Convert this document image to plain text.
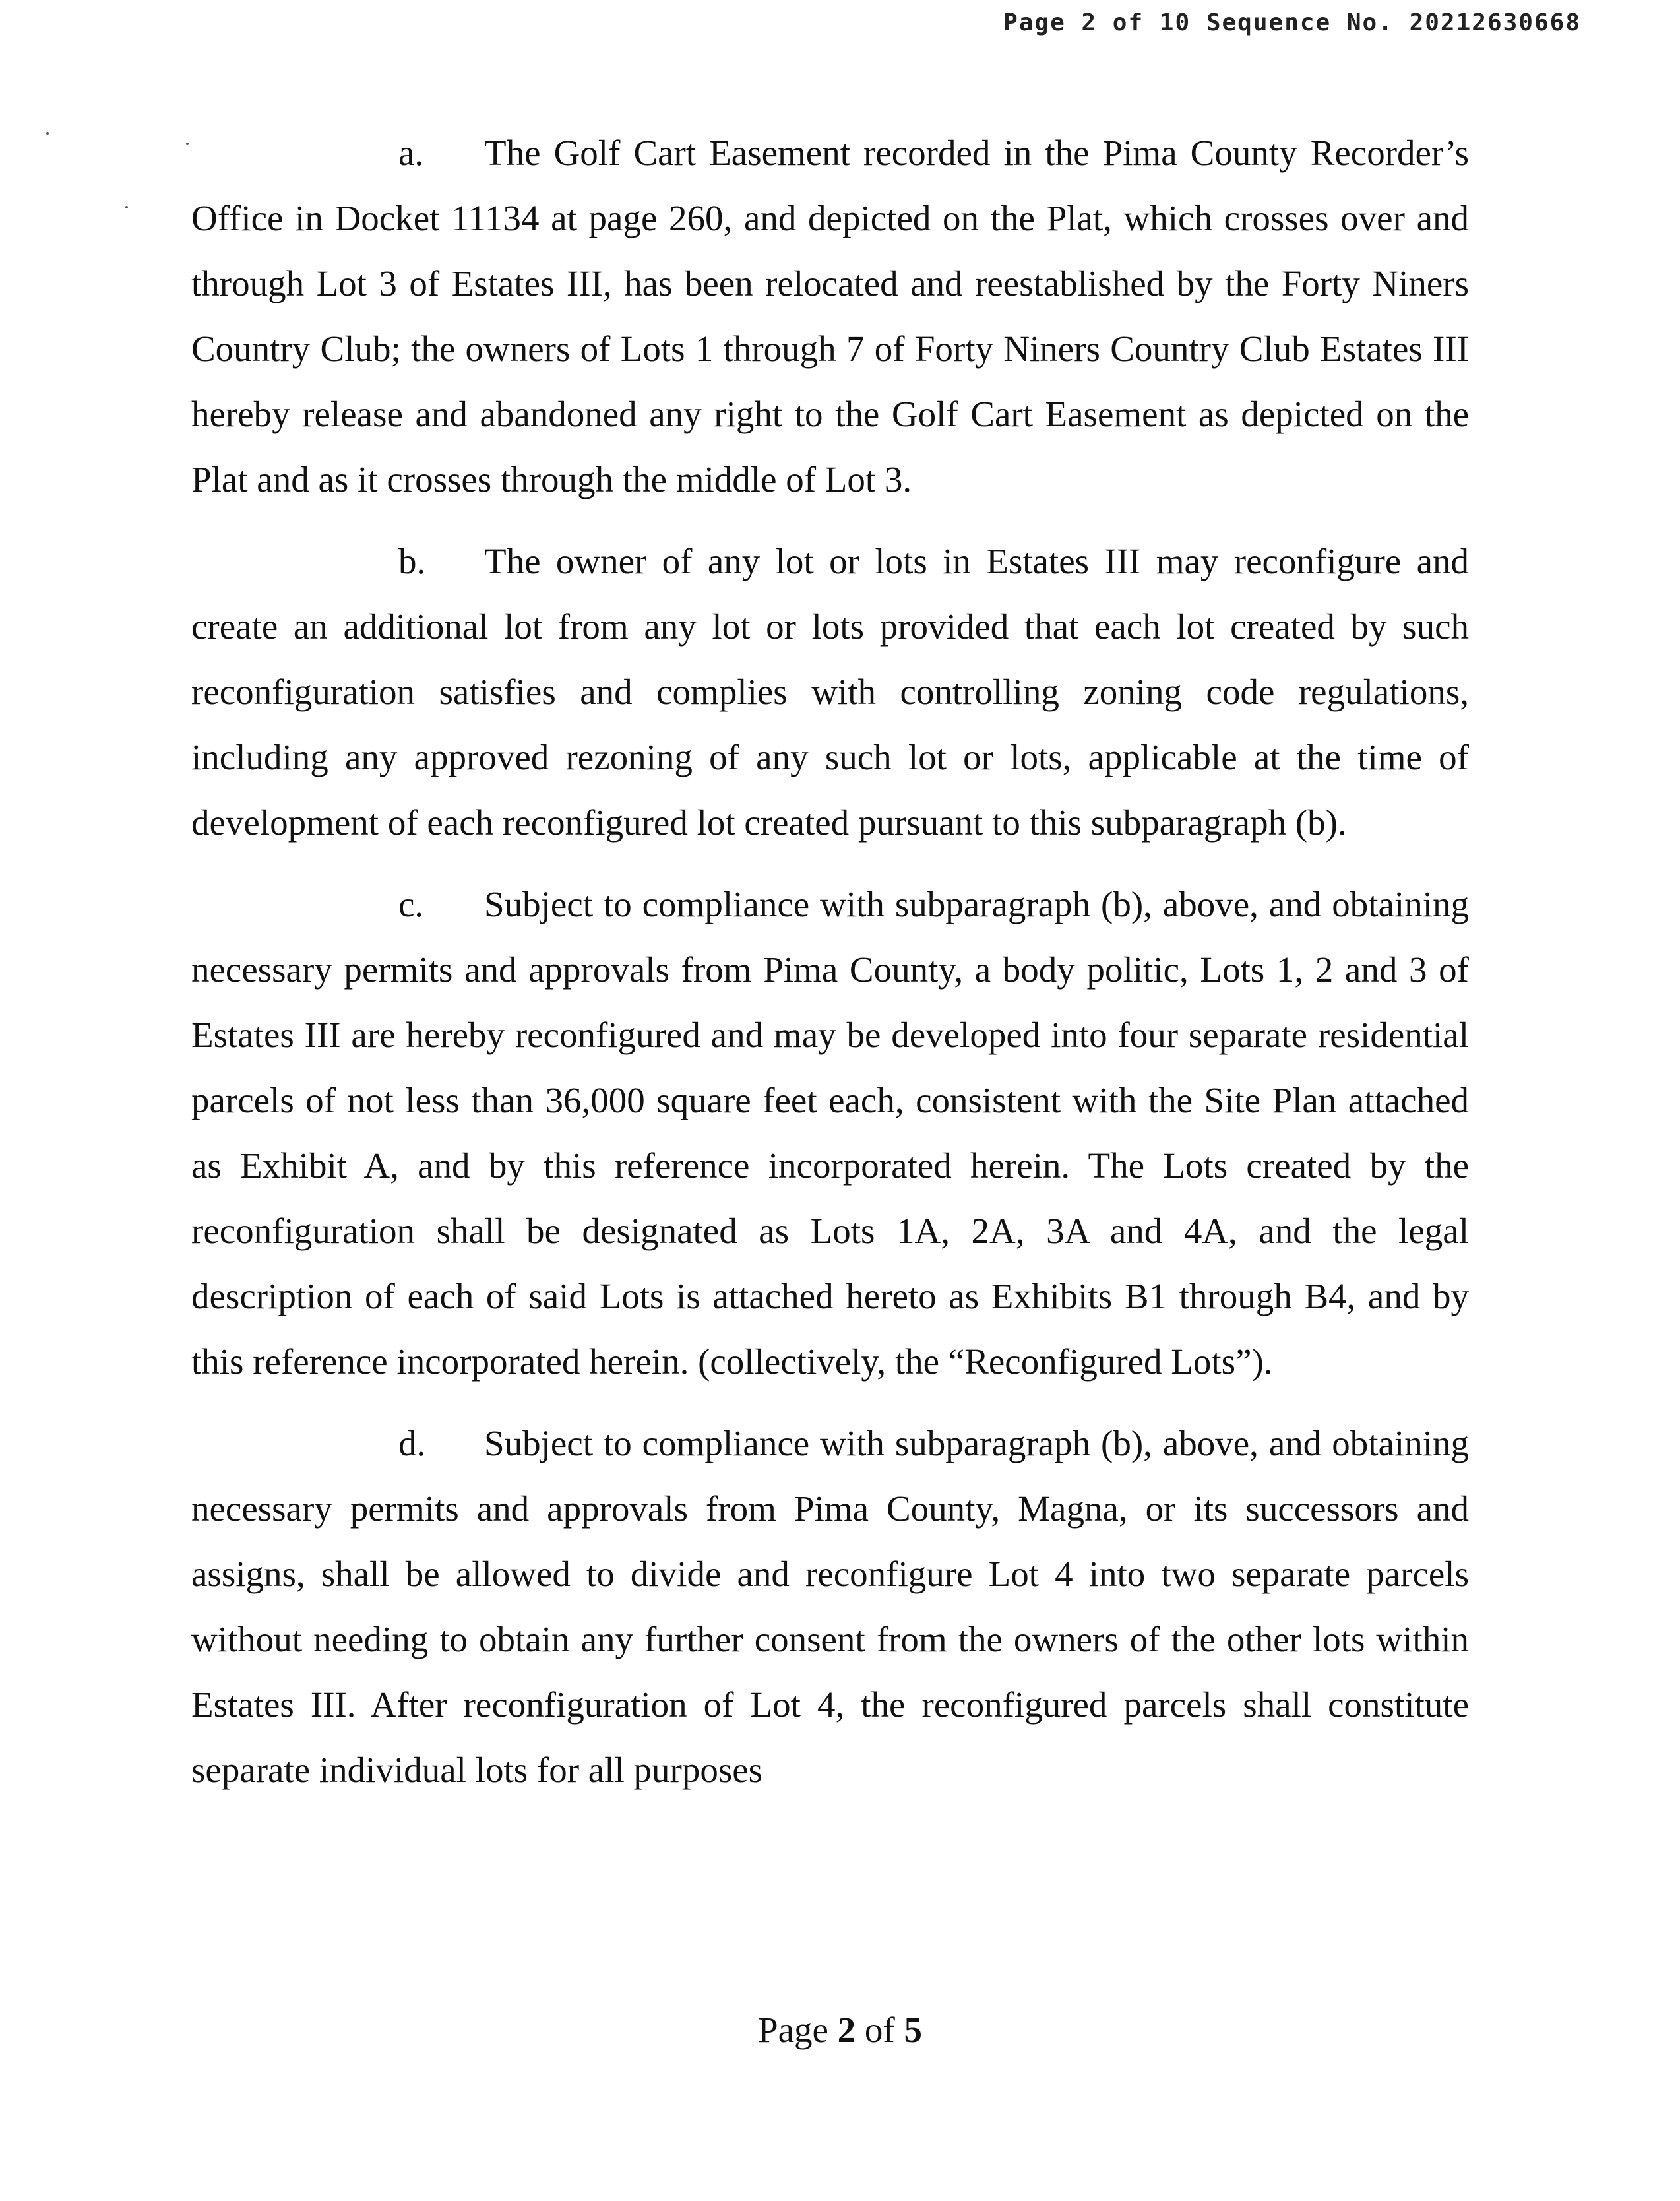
Page 2 of 10 Sequence No. 20212630668

a. The Golf Cart Easement recorded in the Pima County Recorder’s Office in Docket 11134 at page 260, and depicted on the Plat, which crosses over and through Lot 3 of Estates III, has been relocated and reestablished by the Forty Niners Country Club; the owners of Lots 1 through 7 of Forty Niners Country Club Estates III hereby release and abandoned any right to the Golf Cart Easement as depicted on the Plat and as it crosses through the middle of Lot 3.

b. The owner of any lot or lots in Estates III may reconfigure and create an additional lot from any lot or lots provided that each lot created by such reconfiguration satisfies and complies with controlling zoning code regulations, including any approved rezoning of any such lot or lots, applicable at the time of development of each reconfigured lot created pursuant to this subparagraph (b).

c. Subject to compliance with subparagraph (b), above, and obtaining necessary permits and approvals from Pima County, a body politic, Lots 1, 2 and 3 of Estates III are hereby reconfigured and may be developed into four separate residential parcels of not less than 36,000 square feet each, consistent with the Site Plan attached as Exhibit A, and by this reference incorporated herein. The Lots created by the reconfiguration shall be designated as Lots 1A, 2A, 3A and 4A, and the legal description of each of said Lots is attached hereto as Exhibits B1 through B4, and by this reference incorporated herein. (collectively, the “Reconfigured Lots”).

d. Subject to compliance with subparagraph (b), above, and obtaining necessary permits and approvals from Pima County, Magna, or its successors and assigns, shall be allowed to divide and reconfigure Lot 4 into two separate parcels without needing to obtain any further consent from the owners of the other lots within Estates III. After reconfiguration of Lot 4, the reconfigured parcels shall constitute separate individual lots for all purposes

Page 2 of 5
